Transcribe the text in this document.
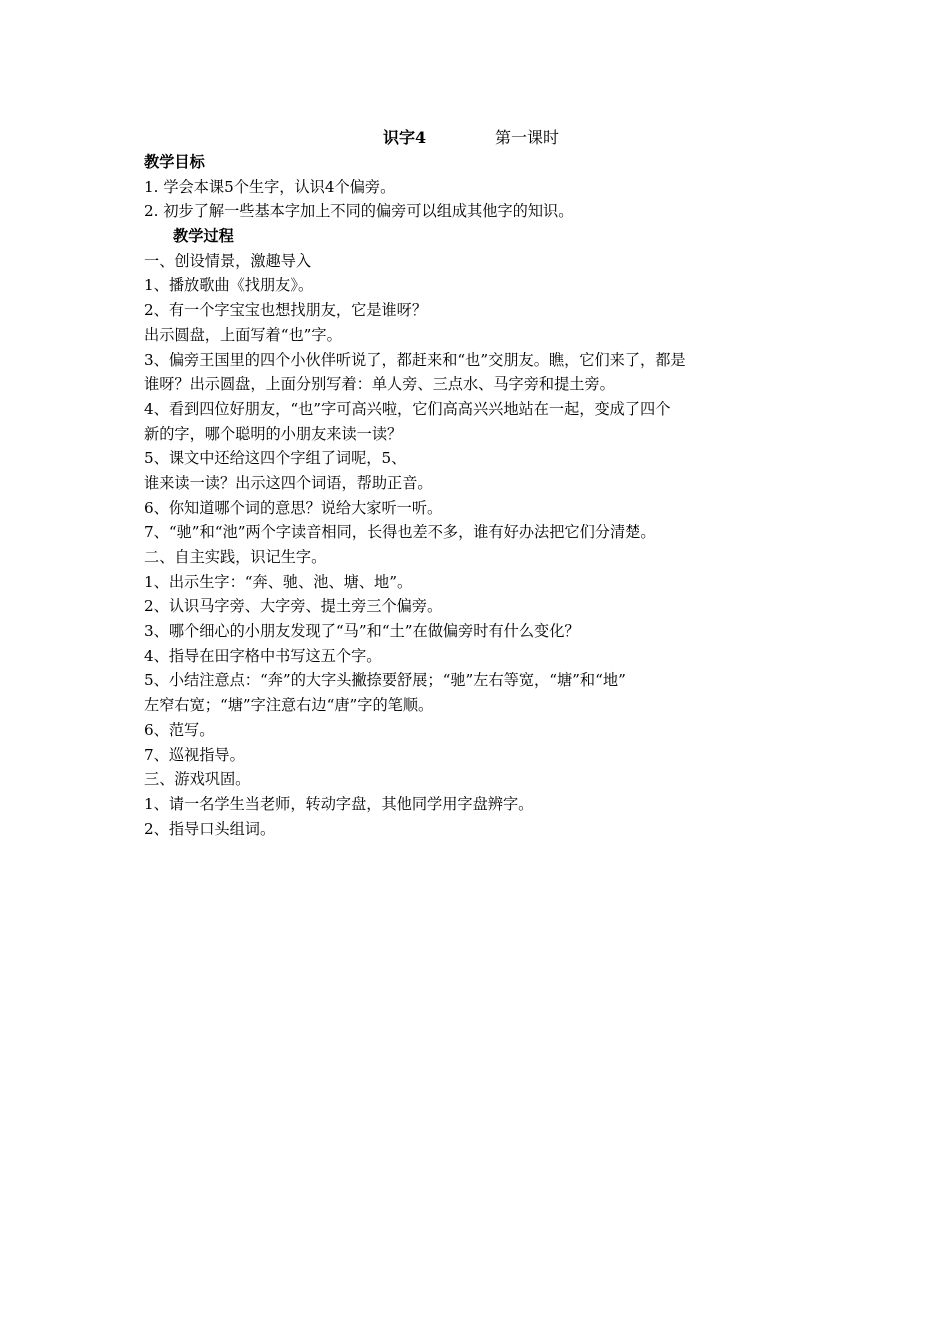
识字4	第一课时
教学目标
1. 学会本课5个生字，认识4个偏旁。
2. 初步了解一些基本字加上不同的偏旁可以组成其他字的知识。
教学过程
一、创设情景，激趣导入
1、播放歌曲《找朋友》。
2、有一个字宝宝也想找朋友，它是谁呀？
出示圆盘，上面写着“也”字。
3、偏旁王国里的四个小伙伴听说了，都赶来和“也”交朋友。瞧，它们来了，都是
谁呀？出示圆盘，上面分别写着：单人旁、三点水、马字旁和提土旁。
4、看到四位好朋友，“也”字可高兴啦，它们高高兴兴地站在一起，变成了四个
新的字，哪个聪明的小朋友来读一读？
5、课文中还给这四个字组了词呢，5、
谁来读一读？出示这四个词语，帮助正音。
6、你知道哪个词的意思？说给大家听一听。
7、“驰”和“池”两个字读音相同，长得也差不多，谁有好办法把它们分清楚。
二、自主实践，识记生字。
1、出示生字：“奔、驰、池、塘、地”。
2、认识马字旁、大字旁、提土旁三个偏旁。
3、哪个细心的小朋友发现了“马”和“土”在做偏旁时有什么变化？
4、指导在田字格中书写这五个字。
5、小结注意点：“奔”的大字头撇捺要舒展；“驰”左右等宽，“塘”和“地”
左窄右宽；“塘”字注意右边“唐”字的笔顺。
6、范写。
7、巡视指导。
三、游戏巩固。
1、请一名学生当老师，转动字盘，其他同学用字盘辨字。
2、指导口头组词。
